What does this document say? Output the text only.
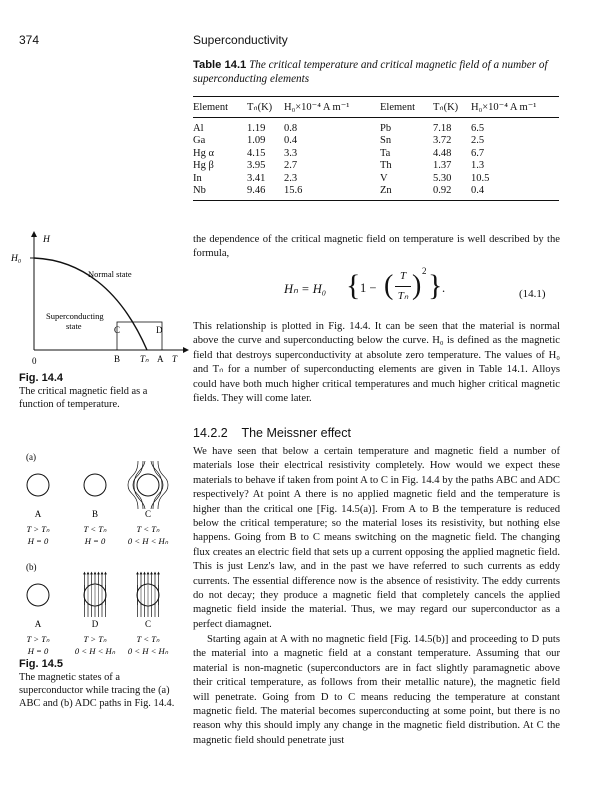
374	Superconductivity
Table 14.1 The critical temperature and critical magnetic field of a number of superconducting elements
Element	Tₙ(K)	H₀×10⁻⁴ A m⁻¹	Element	Tₙ(K)	H₀×10⁻⁴ A m⁻¹
Al	1.19	0.8	Pb	7.18	6.5
Ga	1.09	0.4	Sn	3.72	2.5
Hg α	4.15	3.3	Ta	4.48	6.7
Hg β	3.95	2.7	Th	1.37	1.3
In	3.41	2.3	V	5.30	10.5
Nb	9.46	15.6	Zn	0.92	0.4
H
H₀
0
Normal state
Superconducting
state	C	D
B Tₙ A T
Fig. 14.4
The critical magnetic field as a function of temperature.
the dependence of the critical magnetic field on temperature is well described by the formula,
Hₙ = H₀ { 1 − ( T
Tₙ ) 2 } .	(14.1)
This relationship is plotted in Fig. 14.4. It can be seen that the material is normal above the curve and superconducting below the curve. H₀ is defined as the magnetic field that destroys superconductivity at absolute zero temperature. The values of H₀ and Tₙ for a number of superconducting elements are given in Table 14.1. Alloys could have both much higher critical temperatures and much higher critical magnetic fields. They will come later.
14.2.2 The Meissner effect
We have seen that below a certain temperature and magnetic field a number of materials lose their electrical resistivity completely. How would we expect these materials to behave if taken from point A to C in Fig. 14.4 by the paths ABC and ADC respectively? At point A there is no applied magnetic field and the temperature is higher than the critical one [Fig. 14.5(a)]. From A to B the temperature is reduced below the critical temperature; so the material loses its resistivity, but nothing else happens. Going from B to C means switching on the magnetic field. The changing flux creates an electric field that sets up a current opposing the applied magnetic field. This is just Lenz's law, and in the past we have referred to such currents as eddy currents. The essential difference now is the absence of resistivity. The eddy currents do not decay; they produce a magnetic field that completely cancels the applied magnetic field inside the material. Thus, we may regard our superconductor as a perfect diamagnet.
Starting again at A with no magnetic field [Fig. 14.5(b)] and proceeding to D puts the material into a magnetic field at a constant temperature. Assuming that our material is non-magnetic (superconductors are in fact slightly paramagnetic above their critical temperature, as follows from their metallic nature), the magnetic field will penetrate. Going from D to C means reducing the temperature at constant magnetic field. The material becomes superconducting at some point, but there is no reason why this should imply any change in the magnetic field distribution. At C the magnetic field should penetrate just
(a)
A
T > Tₙ
H = 0
B
T < Tₙ
H = 0
C
T < Tₙ
0 < H < Hₙ
(b)
A
T > Tₙ
H = 0
D
T > Tₙ
0 < H < Hₙ
C
T < Tₙ
0 < H < Hₙ
Fig. 14.5
The magnetic states of a superconductor while tracing the (a) ABC and (b) ADC paths in Fig. 14.4.
